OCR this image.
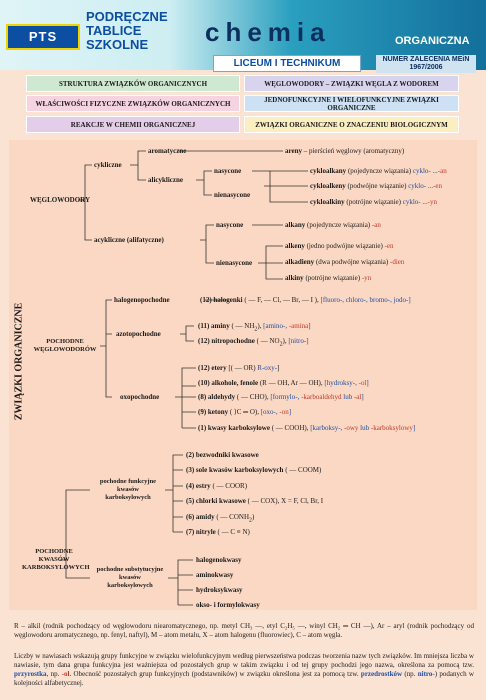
PTS
PODRĘCZNE
TABLICE
SZKOLNE	chemia	ORGANICZNA
LICEUM I TECHNIKUM	NUMER ZALECENIA MEiN
1967/2006
STRUKTURA ZWIĄZKÓW ORGANICZNYCH	WĘGLOWODORY – ZWIĄZKI WĘGLA Z WODOREM
WŁAŚCIWOŚCI FIZYCZNE ZWIĄZKÓW ORGANICZNYCH	JEDNOFUNKCYJNE I WIELOFUNKCYJNE ZWIĄZKI ORGANICZNE
REAKCJE W CHEMII ORGANICZNEJ	ZWIĄZKI ORGANICZNE O ZNACZENIU BIOLOGICZNYM
ZWIĄZKI ORGANICZNE
WĘGLOWODORY
cykliczne
aromatyczne	areny – pierścień węglowy (aromatyczny)
alicykliczne
nasycone
nienasycone
cykloalkany (pojedyncze wiązania) cyklo- ...-an
cykloalkeny (podwójne wiązanie) cyklo- ...-en
cykloalkiny (potrójne wiązanie) cyklo- ...-yn
acykliczne (alifatyczne)
nasycone	alkany (pojedyncze wiązania) -an
nienasycone
alkeny (jedno podwójne wiązanie) -en
alkadieny (dwa podwójne wiązania) -dien
alkiny (potrójne wiązanie) -yn
POCHODNE
WĘGLOWODORÓW
halogenopochodne	(12) halogenki ( — F, — Cl, — Br, — I ), [fluoro-, chloro-, bromo-, jodo-]
azotopochodne
(11) aminy ( — $NH_2$), [amino-, -amina]
(12) nitropochodne ( — $NO_2$), [nitro-]
oxopochodne
(12) etery [( — OR) R-oxy-]
(10) alkohole, fenole (R — OH, Ar — OH), [hydroksy-, -ol]
(8) aldehydy ( — CHO), [formylo-, -karboaldehyd lub -al]
(9) ketony ( ⟩C ═ O), [oxo-, -on]
(1) kwasy karboksylowe ( — COOH), [karboksy-, -owy lub -karboksylowy]
POCHODNE
KWASÓW
KARBOKSYLOWYCH
pochodne funkcyjne
kwasów
karboksylowych
(2) bezwodniki kwasowe
(3) sole kwasów karboksylowych ( — COOM)
(4) estry ( — COOR)
(5) chlorki kwasowe ( — COX), X = F, Cl, Br, I
(6) amidy ( — $CONH_2$)
(7) nitryle ( — C ≡ N)
pochodne substytucyjne
kwasów
karboksylowych
halogenokwasy
aminokwasy
hydroksykwasy
okso- i formylokwasy
R – alkil (rodnik pochodzący od węglowodoru niearomatycznego, np. metyl CH₃ —, etyl C₂H₅ —, winyl CH₂ ═ CH —), Ar – aryl (rodnik pochodzący od węglowodoru aromatycznego, np. fenyl, naftyl), M – atom metalu, X – atom halogenu (fluorowiec), C – atom węgla.
Liczby w nawiasach wskazują grupy funkcyjne w związku wielofunkcyjnym według pierwszeństwa podczas tworzenia nazw tych związków. Im mniejsza liczba w nawiasie, tym dana grupa funkcyjna jest ważniejsza od pozostałych grup w takim związku i od tej grupy pochodzi jego nazwa, określona za pomocą tzw. przyrostka, np. -ol. Obecność pozostałych grup funkcyjnych (podstawników) w związku określona jest za pomocą tzw. przedrostków (np. nitro-) podanych w kolejności alfabetycznej.
